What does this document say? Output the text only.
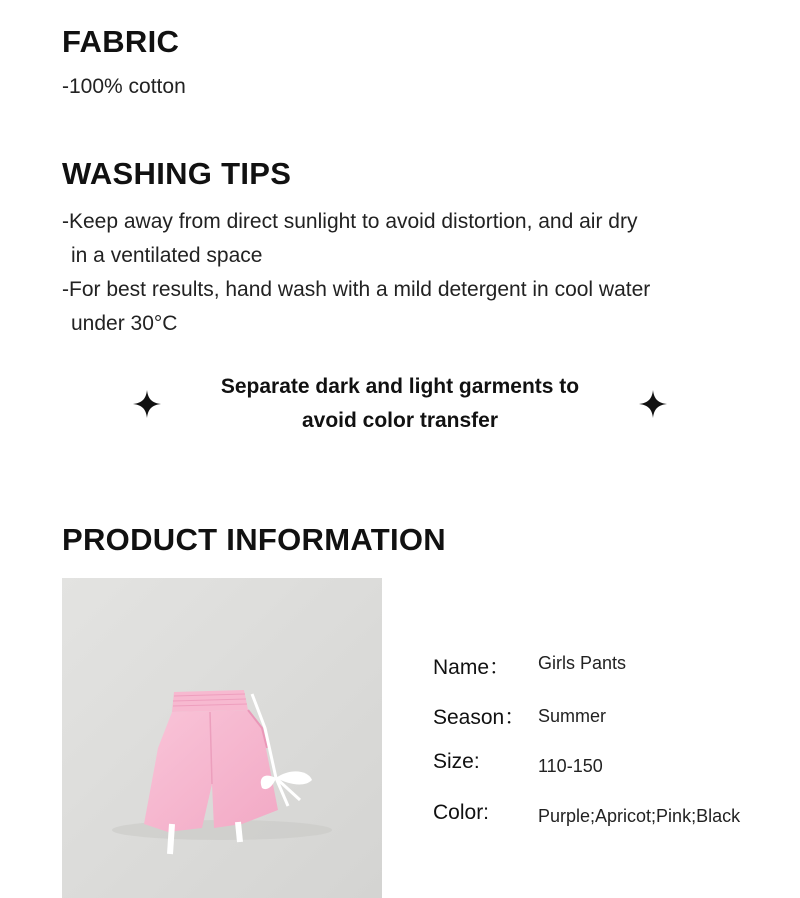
FABRIC
-100% cotton
WASHING TIPS
-Keep away from direct sunlight to avoid distortion, and air dry
in a ventilated space
-For best results, hand wash with a mild detergent in cool water
under 30°C
Separate dark and light garments to
avoid color transfer
PRODUCT INFORMATION
Name： Girls Pants
Season： Summer
Size:	110-150
Color:	Purple;Apricot;Pink;Black
